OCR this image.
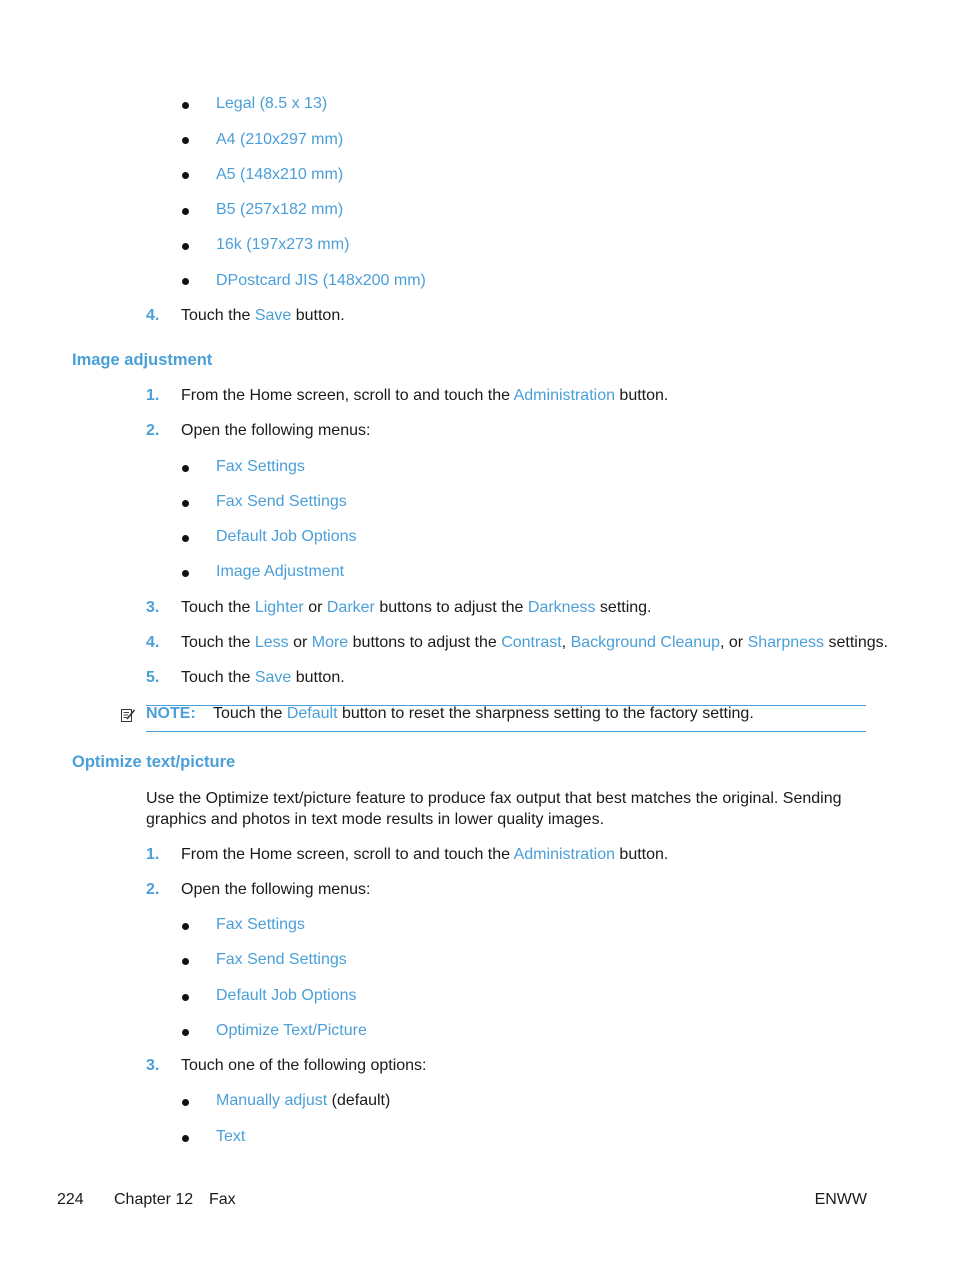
Legal (8.5 x 13)
A4 (210x297 mm)
A5 (148x210 mm)
B5 (257x182 mm)
16k (197x273 mm)
DPostcard JIS (148x200 mm)
4. Touch the Save button.
Image adjustment
1. From the Home screen, scroll to and touch the Administration button.
2. Open the following menus:
Fax Settings
Fax Send Settings
Default Job Options
Image Adjustment
3. Touch the Lighter or Darker buttons to adjust the Darkness setting.
4. Touch the Less or More buttons to adjust the Contrast, Background Cleanup, or Sharpness settings.
5. Touch the Save button.
NOTE: Touch the Default button to reset the sharpness setting to the factory setting.
Optimize text/picture
Use the Optimize text/picture feature to produce fax output that best matches the original. Sending
graphics and photos in text mode results in lower quality images.
1. From the Home screen, scroll to and touch the Administration button.
2. Open the following menus:
Fax Settings
Fax Send Settings
Default Job Options
Optimize Text/Picture
3. Touch one of the following options:
Manually adjust (default)
Text
224 Chapter 12 Fax	ENWW
